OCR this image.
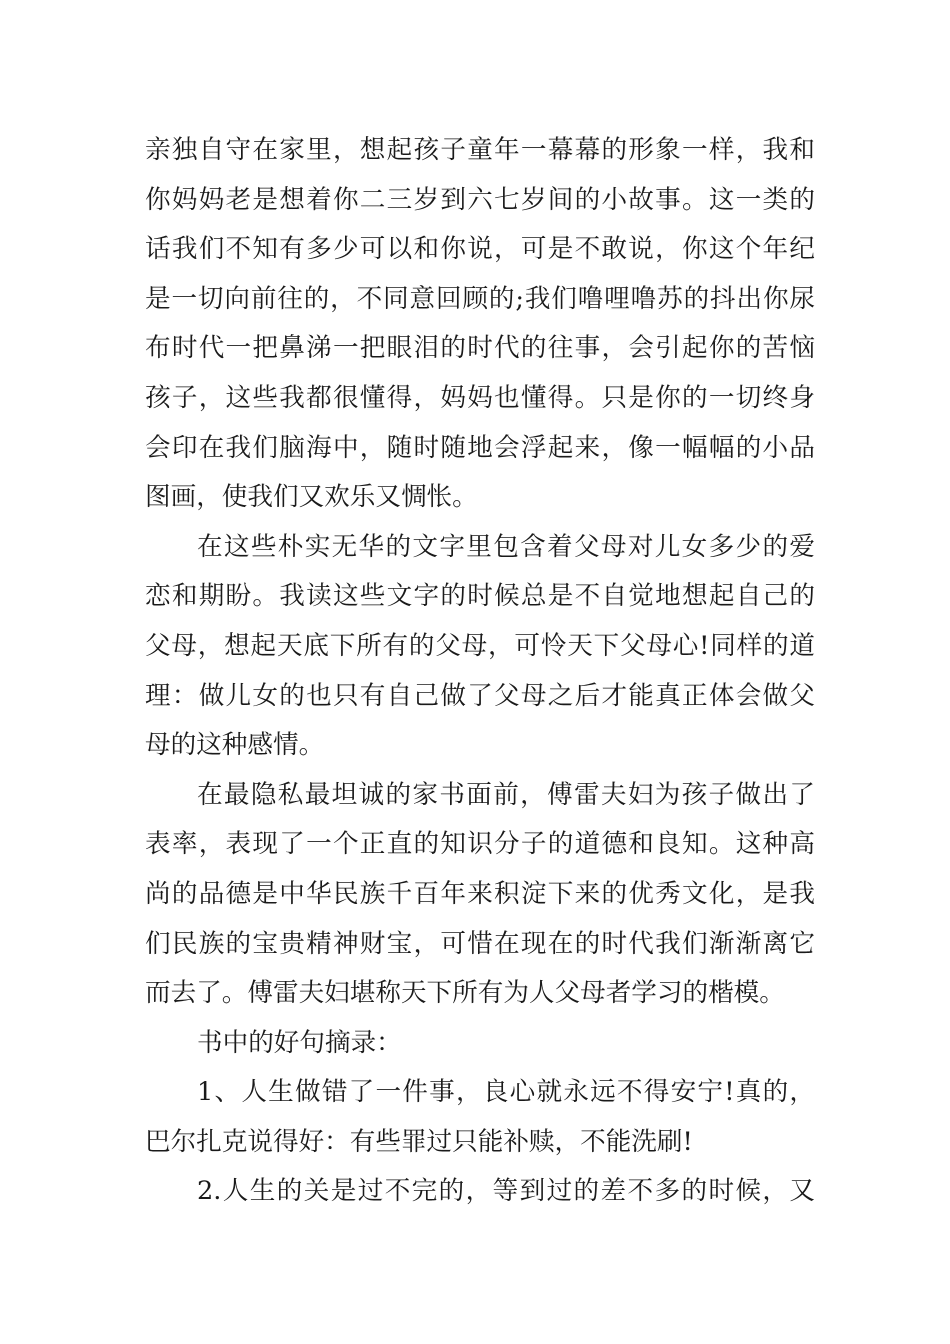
亲独自守在家里，想起孩子童年一幕幕的形象一样，我和
你妈妈老是想着你二三岁到六七岁间的小故事。这一类的
话我们不知有多少可以和你说，可是不敢说，你这个年纪
是一切向前往的，不同意回顾的;我们噜哩噜苏的抖出你尿
布时代一把鼻涕一把眼泪的时代的往事，会引起你的苦恼
孩子，这些我都很懂得，妈妈也懂得。只是你的一切终身
会印在我们脑海中，随时随地会浮起来，像一幅幅的小品
图画，使我们又欢乐又惆怅。
在这些朴实无华的文字里包含着父母对儿女多少的爱
恋和期盼。我读这些文字的时候总是不自觉地想起自己的
父母，想起天底下所有的父母，可怜天下父母心!同样的道
理：做儿女的也只有自己做了父母之后才能真正体会做父
母的这种感情。
在最隐私最坦诚的家书面前，傅雷夫妇为孩子做出了
表率，表现了一个正直的知识分子的道德和良知。这种高
尚的品德是中华民族千百年来积淀下来的优秀文化，是我
们民族的宝贵精神财宝，可惜在现在的时代我们渐渐离它
而去了。傅雷夫妇堪称天下所有为人父母者学习的楷模。
书中的好句摘录：
1、人生做错了一件事，良心就永远不得安宁!真的，
巴尔扎克说得好：有些罪过只能补赎，不能洗刷!
2.人生的关是过不完的，等到过的差不多的时候，又
